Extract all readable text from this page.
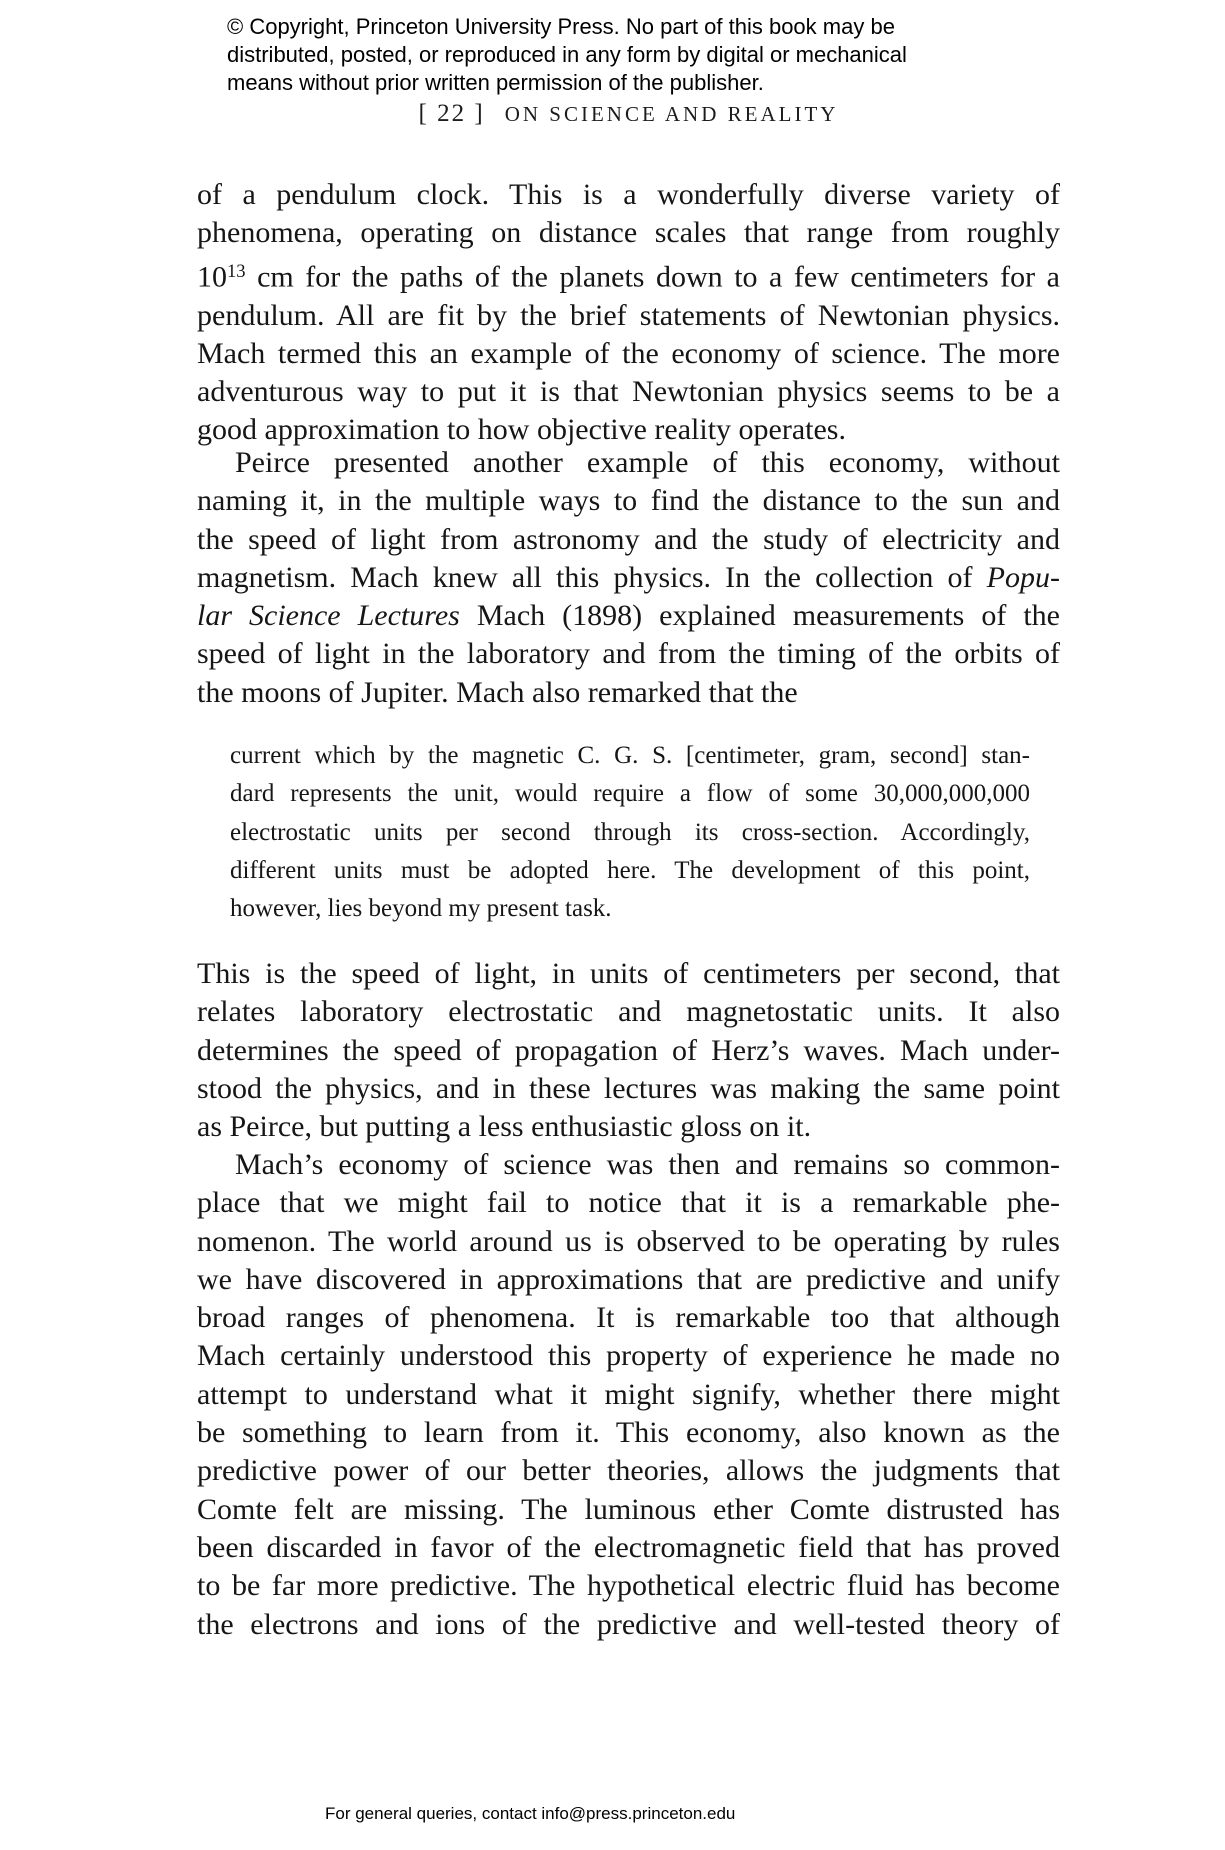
© Copyright, Princeton University Press. No part of this book may be
distributed, posted, or reproduced in any form by digital or mechanical
means without prior written permission of the publisher.
[ 22 ] ON SCIENCE AND REALITY
of a pendulum clock. This is a wonderfully diverse variety of
phenomena, operating on distance scales that range from roughly
$10^{13}$ cm for the paths of the planets down to a few centimeters for a
pendulum. All are fit by the brief statements of Newtonian physics.
Mach termed this an example of the economy of science. The more
adventurous way to put it is that Newtonian physics seems to be a
good approximation to how objective reality operates.
Peirce presented another example of this economy, without
naming it, in the multiple ways to find the distance to the sun and
the speed of light from astronomy and the study of electricity and
magnetism. Mach knew all this physics. In the collection of Popu-
lar Science Lectures Mach (1898) explained measurements of the
speed of light in the laboratory and from the timing of the orbits of
the moons of Jupiter. Mach also remarked that the
current which by the magnetic C. G. S. [centimeter, gram, second] stan-
dard represents the unit, would require a flow of some 30,000,000,000
electrostatic units per second through its cross-section. Accordingly,
different units must be adopted here. The development of this point,
however, lies beyond my present task.
This is the speed of light, in units of centimeters per second, that
relates laboratory electrostatic and magnetostatic units. It also
determines the speed of propagation of Herz’s waves. Mach under-
stood the physics, and in these lectures was making the same point
as Peirce, but putting a less enthusiastic gloss on it.
Mach’s economy of science was then and remains so common-
place that we might fail to notice that it is a remarkable phe-
nomenon. The world around us is observed to be operating by rules
we have discovered in approximations that are predictive and unify
broad ranges of phenomena. It is remarkable too that although
Mach certainly understood this property of experience he made no
attempt to understand what it might signify, whether there might
be something to learn from it. This economy, also known as the
predictive power of our better theories, allows the judgments that
Comte felt are missing. The luminous ether Comte distrusted has
been discarded in favor of the electromagnetic field that has proved
to be far more predictive. The hypothetical electric fluid has become
the electrons and ions of the predictive and well-tested theory of
For general queries, contact info@press.princeton.edu
